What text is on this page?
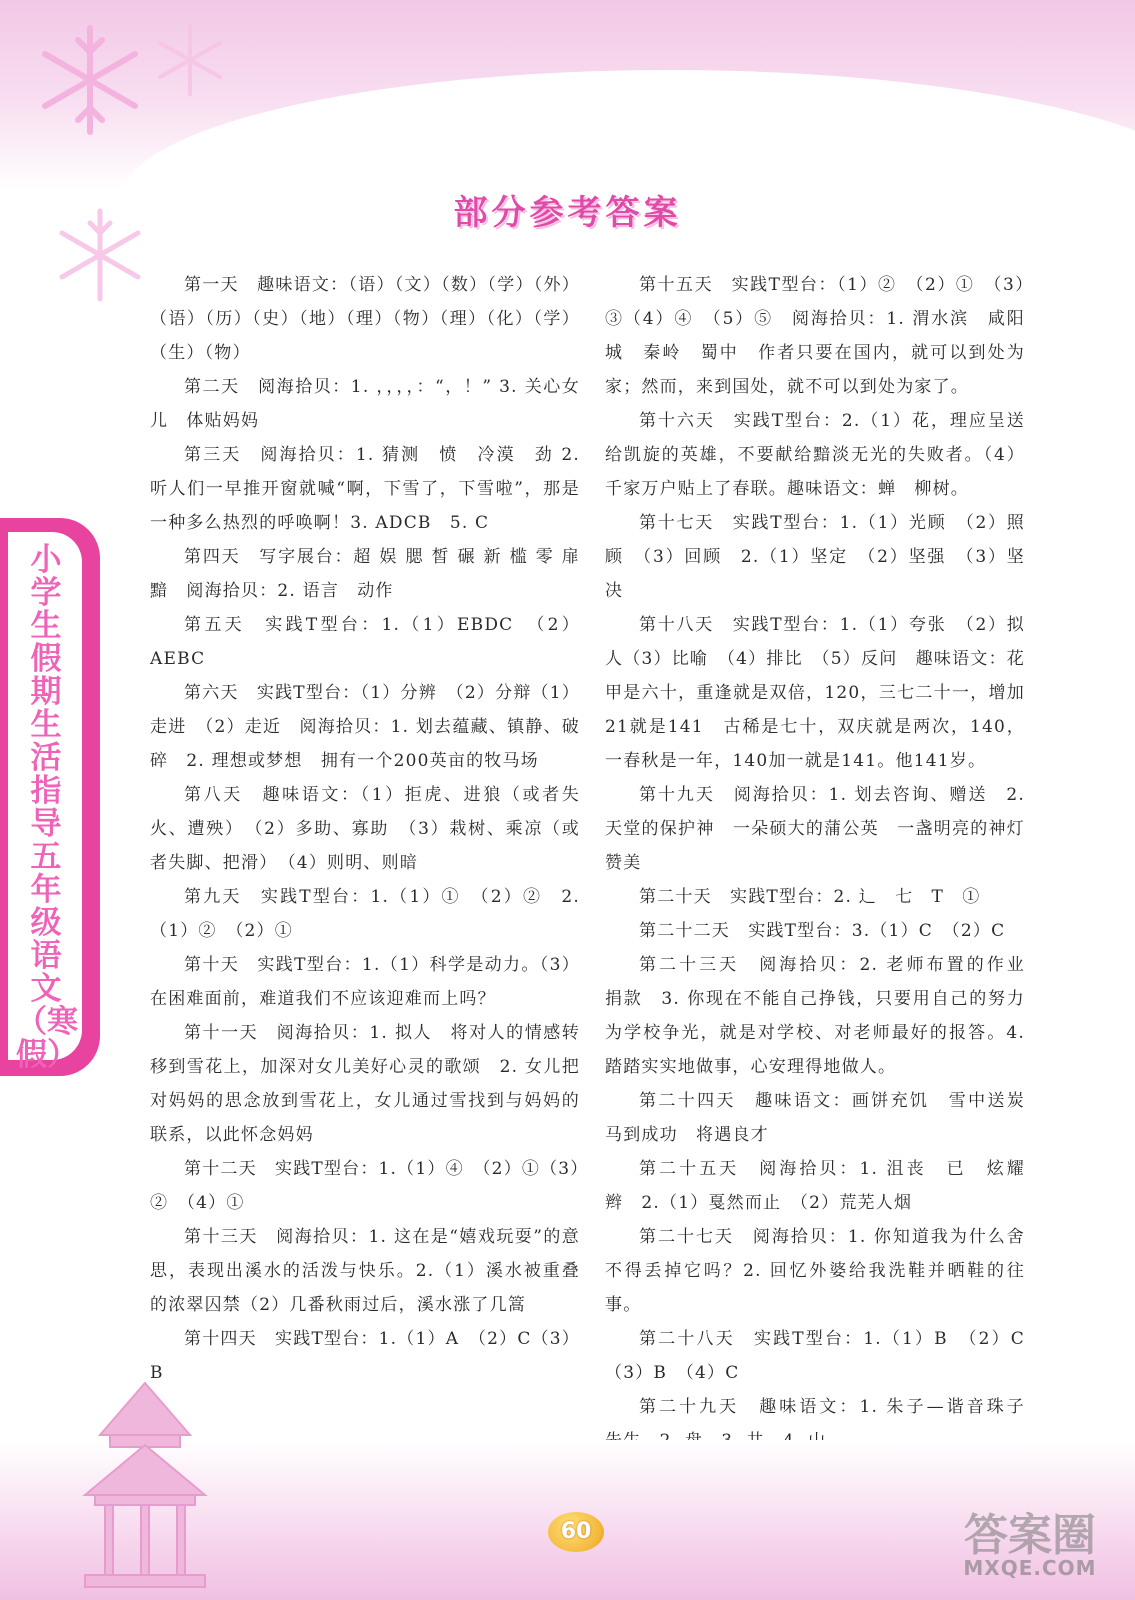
部分参考答案
小学生假期生活指导五年级语文（寒假）

第一天　趣味语文：（语）（文）（数）（学）（外）（语）（历）（史）（地）（理）（物）（理）（化）（学）（生）（物）

第二天　阅海拾贝：1. ，，，，：“，！” 3. 关心女儿　体贴妈妈

第三天　阅海拾贝：1. 猜测　愤　冷漠　劲 2. 听人们一早推开窗就喊“啊，下雪了，下雪啦”，那是一种多么热烈的呼唤啊！3. ADCB　5. C

第四天　写字展台：超 娱 腮 皙 碾 新 槛 零 扉 黯　阅海拾贝：2. 语言　动作

第五天　实践T型台：1.（1）EBDC　（2）AEBC

第六天　实践T型台：（1）分辨　（2）分辩（1）走进　（2）走近　阅海拾贝：1. 划去蕴藏、镇静、破碎　2. 理想或梦想　拥有一个200英亩的牧马场

第八天　趣味语文：（1）拒虎、进狼（或者失火、遭殃）　（2）多助、寡助　（3）栽树、乘凉（或者失脚、把滑）　（4）则明、则暗

第九天　实践T型台：1.（1）①　（2）②　2.（1）②　（2）①

第十天　实践T型台：1.（1）科学是动力。（3）在困难面前，难道我们不应该迎难而上吗？

第十一天　阅海拾贝：1. 拟人　将对人的情感转移到雪花上，加深对女儿美好心灵的歌颂　2. 女儿把对妈妈的思念放到雪花上，女儿通过雪找到与妈妈的联系，以此怀念妈妈

第十二天　实践T型台：1.（1）④　（2）①（3）②　（4）①

第十三天　阅海拾贝：1. 这在是“嬉戏玩耍”的意思，表现出溪水的活泼与快乐。2.（1）溪水被重叠的浓翠囚禁（2）几番秋雨过后，溪水涨了几篙

第十四天　实践T型台：1.（1）A　（2）C（3）B

第十五天　实践T型台：（1）②　（2）①　（3）③（4）④　（5）⑤　阅海拾贝：1. 渭水滨　咸阳城　秦岭　蜀中　作者只要在国内，就可以到处为家；然而，来到国处，就不可以到处为家了。

第十六天　实践T型台：2.（1）花，理应呈送给凯旋的英雄，不要献给黯淡无光的失败者。（4）千家万户贴上了春联。趣味语文：蝉　柳树。

第十七天　实践T型台：1.（1）光顾　（2）照顾　（3）回顾　2.（1）坚定　（2）坚强　（3）坚决

第十八天　实践T型台：1.（1）夸张　（2）拟人（3）比喻　（4）排比　（5）反问　趣味语文：花甲是六十，重逢就是双倍，120，三七二十一，增加21就是141　古稀是七十，双庆就是两次，140，一春秋是一年，140加一就是141。他141岁。

第十九天　阅海拾贝：1. 划去咨询、赠送　2. 天堂的保护神　一朵硕大的蒲公英　一盏明亮的神灯　赞美

第二十天　实践T型台：2. 辶　七　T　①

第二十二天　实践T型台：3.（1）C　（2）C

第二十三天　阅海拾贝：2. 老师布置的作业　捐款　3. 你现在不能自己挣钱，只要用自己的努力为学校争光，就是对学校、对老师最好的报答。4. 踏踏实实地做事，心安理得地做人。

第二十四天　趣味语文：画饼充饥　雪中送炭　马到成功　将遇良才

第二十五天　阅海拾贝：1. 沮丧　已　炫耀　辫　2.（1）戛然而止　（2）荒芜人烟

第二十七天　阅海拾贝：1. 你知道我为什么舍不得丢掉它吗？2. 回忆外婆给我洗鞋并晒鞋的往事。

第二十八天　实践T型台：1.（1）B　（2）C（3）B　（4）C

第二十九天　趣味语文：1. 朱子—谐音珠子　　 　 　

60	答案圈
MXQE.COM
